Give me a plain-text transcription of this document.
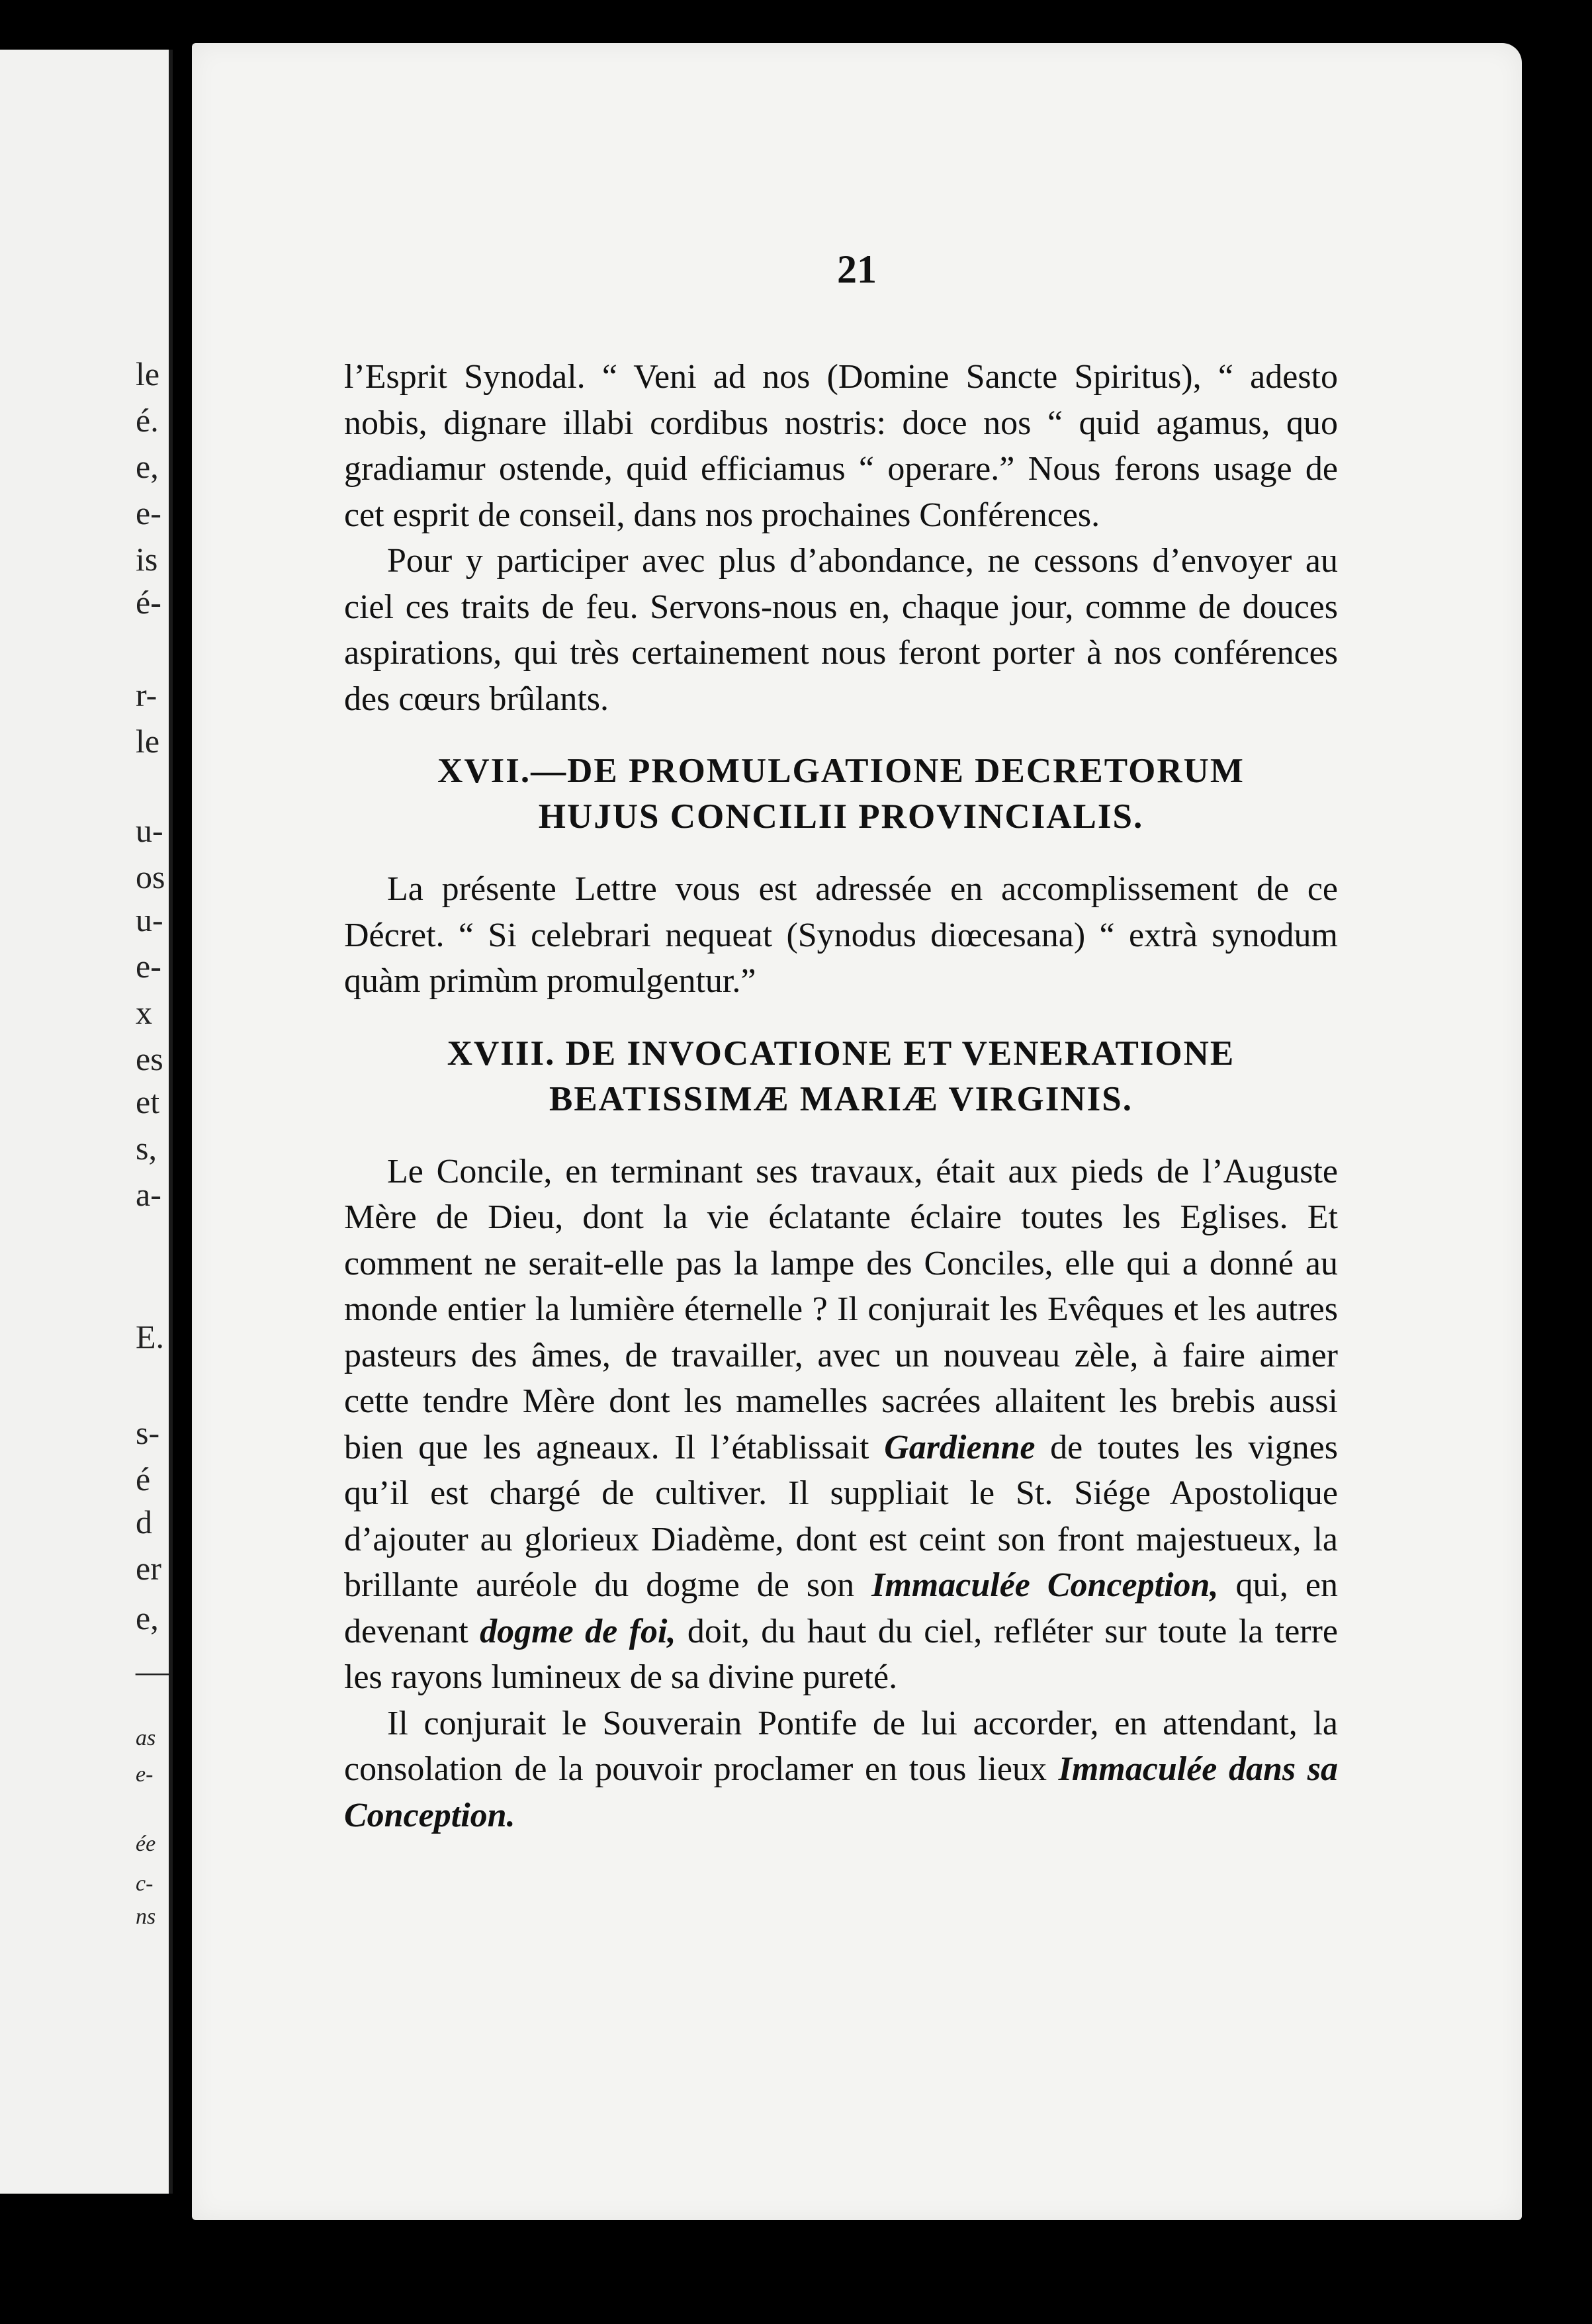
21

l’Esprit Synodal. “ Veni ad nos (Domine Sancte Spiritus), “ adesto nobis, dignare illabi cordibus nostris: doce nos “ quid agamus, quo gradiamur ostende, quid efficiamus “ operare.” Nous ferons usage de cet esprit de conseil, dans nos prochaines Conférences.

Pour y participer avec plus d’abondance, ne cessons d’envoyer au ciel ces traits de feu. Servons-nous en, chaque jour, comme de douces aspirations, qui très certainement nous feront porter à nos conférences des cœurs brûlants.

XVII.—DE PROMULGATIONE DECRETORUM
HUJUS CONCILII PROVINCIALIS.

La présente Lettre vous est adressée en accomplissement de ce Décret. “ Si celebrari nequeat (Synodus diœcesana) “ extrà synodum quàm primùm promulgentur.”

XVIII. DE INVOCATIONE ET VENERATIONE
BEATISSIMÆ MARIÆ VIRGINIS.

Le Concile, en terminant ses travaux, était aux pieds de l’Auguste Mère de Dieu, dont la vie éclatante éclaire toutes les Eglises. Et comment ne serait-elle pas la lampe des Conciles, elle qui a donné au monde entier la lumière éternelle ? Il conjurait les Evêques et les autres pasteurs des âmes, de travailler, avec un nouveau zèle, à faire aimer cette tendre Mère dont les mamelles sacrées allaitent les brebis aussi bien que les agneaux. Il l’établissait Gardienne de toutes les vignes qu’il est chargé de cultiver. Il suppliait le St. Siége Apostolique d’ajouter au glorieux Diadème, dont est ceint son front majestueux, la brillante auréole du dogme de son Immaculée Conception, qui, en devenant dogme de foi, doit, du haut du ciel, refléter sur toute la terre les rayons lumineux de sa divine pureté.

Il conjurait le Souverain Pontife de lui accorder, en attendant, la consolation de la pouvoir proclamer en tous lieux Immaculée dans sa Conception.

le
é.
e,
e-
is
é-
r-
le
u-
os
u-
e-
x
es
et
s,
a-
E.
s-
é
d
er
e,
—
as
e-
ée
c-
ns
